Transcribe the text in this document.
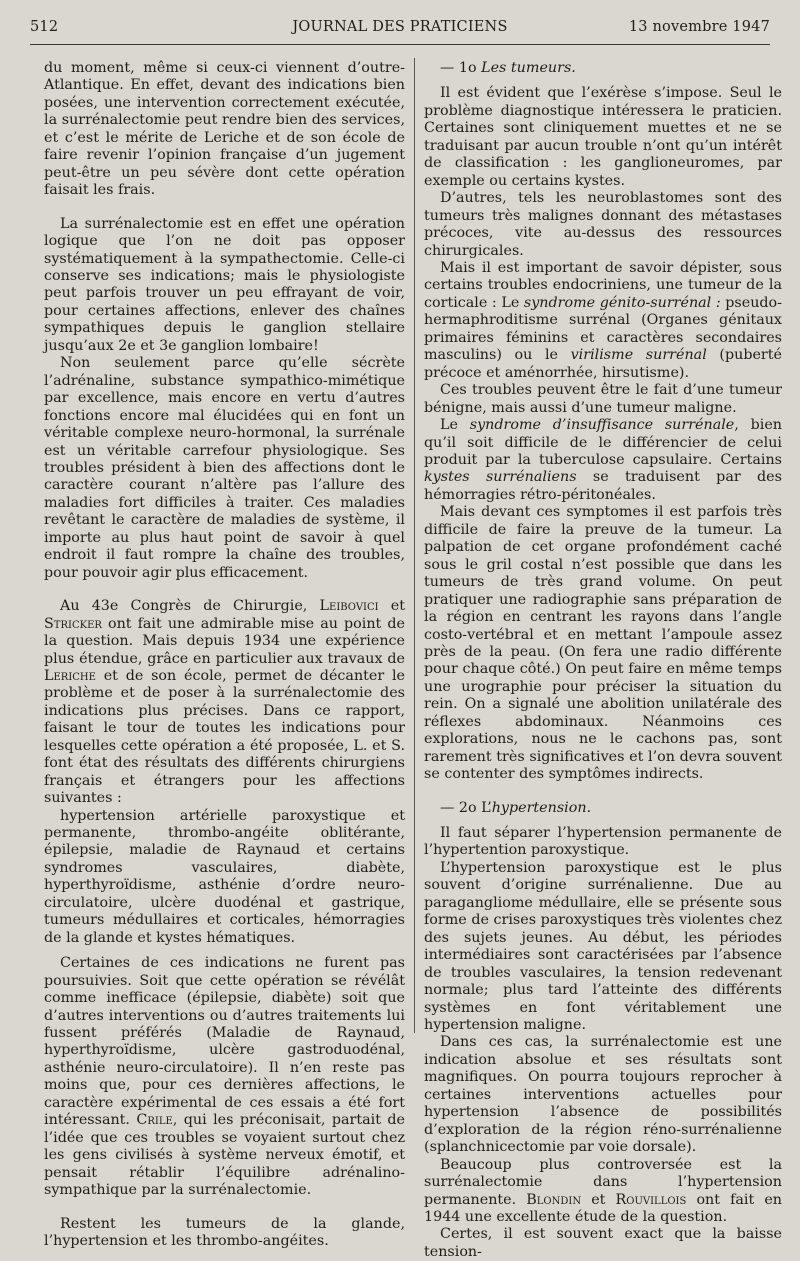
512	JOURNAL DES PRATICIENS	13 novembre 1947

du moment, même si ceux-ci viennent d’outre-Atlantique. En effet, devant des indications bien posées, une intervention correctement exécutée, la surrénalectomie peut rendre bien des services, et c’est le mérite de Leriche et de son école de faire revenir l’opinion française d’un jugement peut-être un peu sévère dont cette opération faisait les frais.

La surrénalectomie est en effet une opération logique que l’on ne doit pas opposer systématiquement à la sympathectomie. Celle-ci conserve ses indications; mais le physiologiste peut parfois trouver un peu effrayant de voir, pour certaines affections, enlever des chaînes sympathiques depuis le ganglion stellaire jusqu’aux 2e et 3e ganglion lombaire!

Non seulement parce qu’elle sécrète l’adrénaline, substance sympathico-mimétique par excellence, mais encore en vertu d’autres fonctions encore mal élucidées qui en font un véritable complexe neuro-hormonal, la surrénale est un véritable carrefour physiologique. Ses troubles président à bien des affections dont le caractère courant n’altère pas l’allure des maladies fort difficiles à traiter. Ces maladies revêtant le caractère de maladies de système, il importe au plus haut point de savoir à quel endroit il faut rompre la chaîne des troubles, pour pouvoir agir plus efficacement.

Au 43e Congrès de Chirurgie, Leibovici et Stricker ont fait une admirable mise au point de la question. Mais depuis 1934 une expérience plus étendue, grâce en particulier aux travaux de Leriche et de son école, permet de décanter le problème et de poser à la surrénalectomie des indications plus précises. Dans ce rapport, faisant le tour de toutes les indications pour lesquelles cette opération a été proposée, L. et S. font état des résultats des différents chirurgiens français et étrangers pour les affections suivantes :

hypertension artérielle paroxystique et permanente, thrombo-angéite oblitérante, épilepsie, maladie de Raynaud et certains syndromes vasculaires, diabète, hyperthyroïdisme, asthénie d’ordre neuro-circulatoire, ulcère duodénal et gastrique, tumeurs médullaires et corticales, hémorragies de la glande et kystes hématiques.

Certaines de ces indications ne furent pas poursuivies. Soit que cette opération se révélât comme inefficace (épilepsie, diabète) soit que d’autres interventions ou d’autres traitements lui fussent préférés (Maladie de Raynaud, hyperthyroïdisme, ulcère gastroduodénal, asthénie neuro-circulatoire). Il n’en reste pas moins que, pour ces dernières affections, le caractère expérimental de ces essais a été fort intéressant. Crile, qui les préconisait, partait de l’idée que ces troubles se voyaient surtout chez les gens civilisés à système nerveux émotif, et pensait rétablir l’équilibre adrénalino-sympathique par la surrénalectomie.

Restent les tumeurs de la glande, l’hypertension et les thrombo-angéites.

— 1o Les tumeurs.

Il est évident que l’exérèse s’impose. Seul le problème diagnostique intéressera le praticien. Certaines sont cliniquement muettes et ne se traduisant par aucun trouble n’ont qu’un intérêt de classification : les ganglioneuromes, par exemple ou certains kystes.

D’autres, tels les neuroblastomes sont des tumeurs très malignes donnant des métastases précoces, vite au-dessus des ressources chirurgicales.

Mais il est important de savoir dépister, sous certains troubles endocriniens, une tumeur de la corticale : Le syndrome génito-surrénal : pseudo-hermaphroditisme surrénal (Organes génitaux primaires féminins et caractères secondaires masculins) ou le virilisme surrénal (puberté précoce et aménorrhée, hirsutisme).

Ces troubles peuvent être le fait d’une tumeur bénigne, mais aussi d’une tumeur maligne.

Le syndrome d’insuffisance surrénale, bien qu’il soit difficile de le différencier de celui produit par la tuberculose capsulaire. Certains kystes surrénaliens se traduisent par des hémorragies rétro-péritonéales.

Mais devant ces symptomes il est parfois très difficile de faire la preuve de la tumeur. La palpation de cet organe profondément caché sous le gril costal n’est possible que dans les tumeurs de très grand volume. On peut pratiquer une radiographie sans préparation de la région en centrant les rayons dans l’angle costo-vertébral et en mettant l’ampoule assez près de la peau. (On fera une radio différente pour chaque côté.) On peut faire en même temps une urographie pour préciser la situation du rein. On a signalé une abolition unilatérale des réflexes abdominaux. Néanmoins ces explorations, nous ne le cachons pas, sont rarement très significatives et l’on devra souvent se contenter des symptômes indirects.

— 2o L’hypertension.

Il faut séparer l’hypertension permanente de l’hypertention paroxystique.

L’hypertension paroxystique est le plus souvent d’origine surrénalienne. Due au paragangliome médullaire, elle se présente sous forme de crises paroxystiques très violentes chez des sujets jeunes. Au début, les périodes intermédiaires sont caractérisées par l’absence de troubles vasculaires, la tension redevenant normale; plus tard l’atteinte des différents systèmes en font véritablement une hypertension maligne.

Dans ces cas, la surrénalectomie est une indication absolue et ses résultats sont magnifiques. On pourra toujours reprocher à certaines interventions actuelles pour hypertension l’absence de possibilités d’exploration de la région réno-surrénalienne (splanchnicectomie par voie dorsale).

Beaucoup plus controversée est la surrénalectomie dans l’hypertension permanente. Blondin et Rouvillois ont fait en 1944 une excellente étude de la question.

Certes, il est souvent exact que la baisse tension-
